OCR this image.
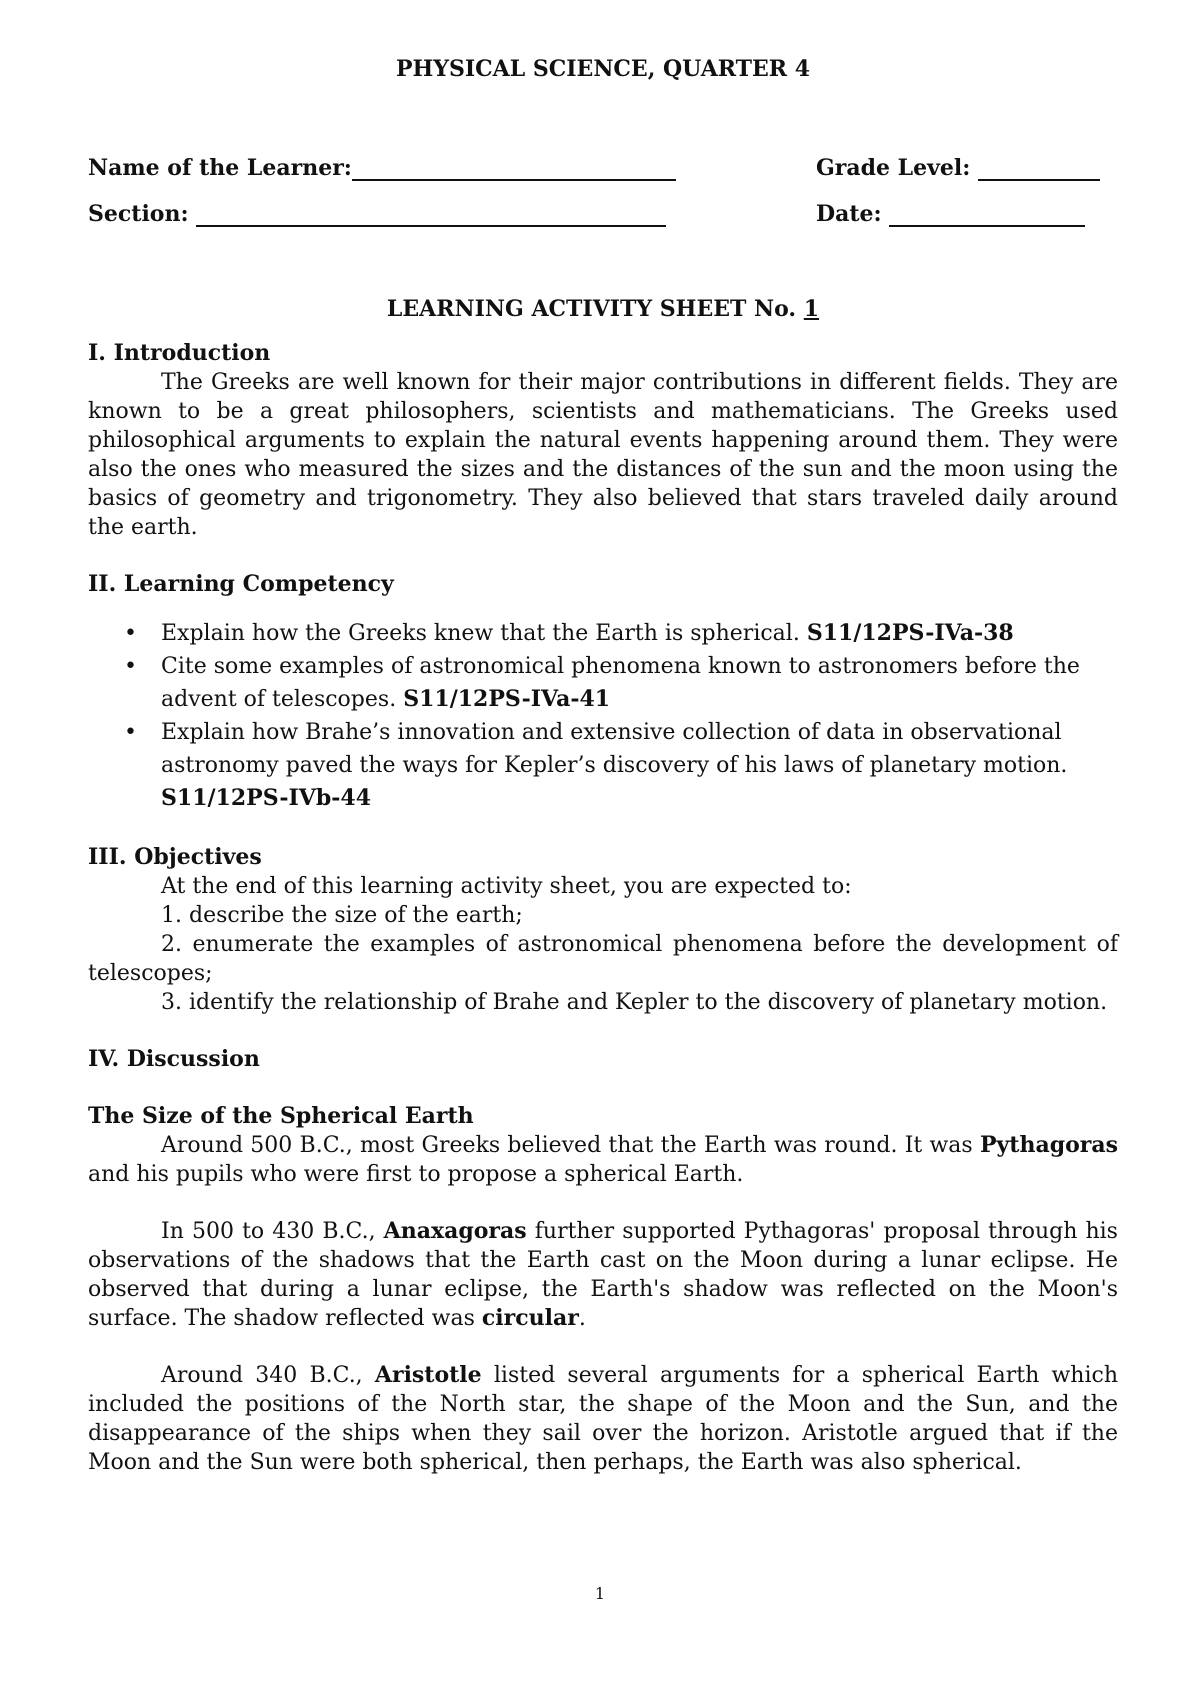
PHYSICAL SCIENCE, QUARTER 4
Name of the Learner:	Grade Level:
Section:	Date:
LEARNING ACTIVITY SHEET No. 1
I. Introduction

The Greeks are well known for their major contributions in different fields. They are known to be a great philosophers, scientists and mathematicians. The Greeks used philosophical arguments to explain the natural events happening around them. They were also the ones who measured the sizes and the distances of the sun and the moon using the basics of geometry and trigonometry. They also believed that stars traveled daily around the earth.

II. Learning Competency
• Explain how the Greeks knew that the Earth is spherical. S11/12PS-IVa-38
• Cite some examples of astronomical phenomena known to astronomers before the advent of telescopes. S11/12PS-IVa-41
• Explain how Brahe’s innovation and extensive collection of data in observational astronomy paved the ways for Kepler’s discovery of his laws of planetary motion. S11/12PS-IVb-44
III. Objectives

At the end of this learning activity sheet, you are expected to:

1. describe the size of the earth;

2. enumerate the examples of astronomical phenomena before the development of telescopes;

3. identify the relationship of Brahe and Kepler to the discovery of planetary motion.

IV. Discussion
The Size of the Spherical Earth

Around 500 B.C., most Greeks believed that the Earth was round. It was Pythagoras and his pupils who were first to propose a spherical Earth.

In 500 to 430 B.C., Anaxagoras further supported Pythagoras' proposal through his observations of the shadows that the Earth cast on the Moon during a lunar eclipse. He observed that during a lunar eclipse, the Earth's shadow was reflected on the Moon's surface. The shadow reflected was circular.

Around 340 B.C., Aristotle listed several arguments for a spherical Earth which included the positions of the North star, the shape of the Moon and the Sun, and the disappearance of the ships when they sail over the horizon. Aristotle argued that if the Moon and the Sun were both spherical, then perhaps, the Earth was also spherical.

1
